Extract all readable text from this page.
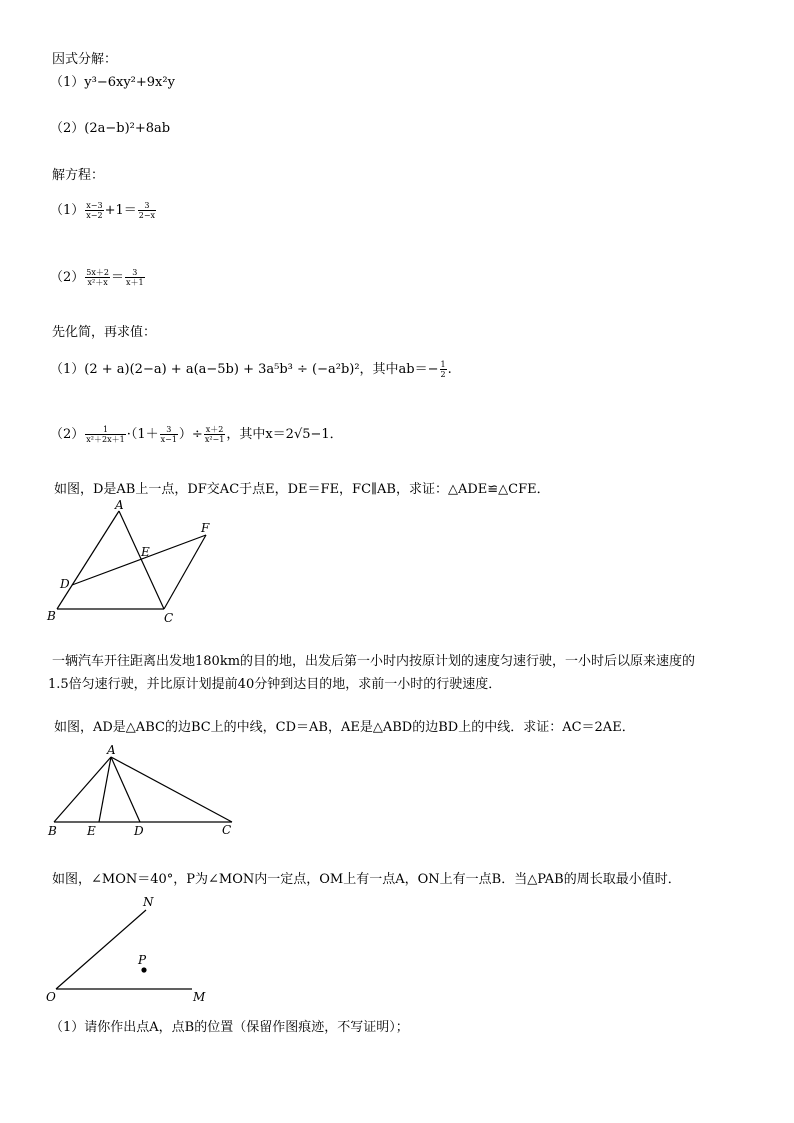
因式分解：
（1）y³−6xy²+9x²y
（2）(2a−b)²+8ab
解方程：
$(1) \frac{x-3}{x-2} +1= \frac{3}{2-x}$
$(2) \frac{5x+2}{\text{x²＋x}} = \frac{3}{x+1}$
先化简，再求值：
（1）(2 + a)(2−a) + a(a−5b) + 3a⁵b³ ÷ (−a²b)²，其中$ab=- \frac{1}{2}$ .
$(2) \frac{1}{\text{x²＋2x＋1}} \cdot(1+ \frac{3}{x-1}$ ）÷ $\frac{x+2}{\text{x²−1}}$ ，其中x＝2√5−1．
如图，D是AB上一点，DF交AC于点E，DE＝FE，FC∥AB，求证：△ADE≌△CFE．
A
B	C
D
E
F
一辆汽车开往距离出发地180km的目的地，出发后第一小时内按原计划的速度匀速行驶，一小时后以原来速度的
1.5倍匀速行驶，并比原计划提前40分钟到达目的地，求前一小时的行驶速度．
如图，AD是△ABC的边BC上的中线，CD＝AB，AE是△ABD的边BD上的中线．求证：AC＝2AE．
A
B	E	D	C
如图，∠MON＝40°，P为∠MON内一定点，OM上有一点A，ON上有一点B．当△PAB的周长取最小值时．
N
P
O	M
（1）请你作出点A，点B的位置（保留作图痕迹，不写证明）；
